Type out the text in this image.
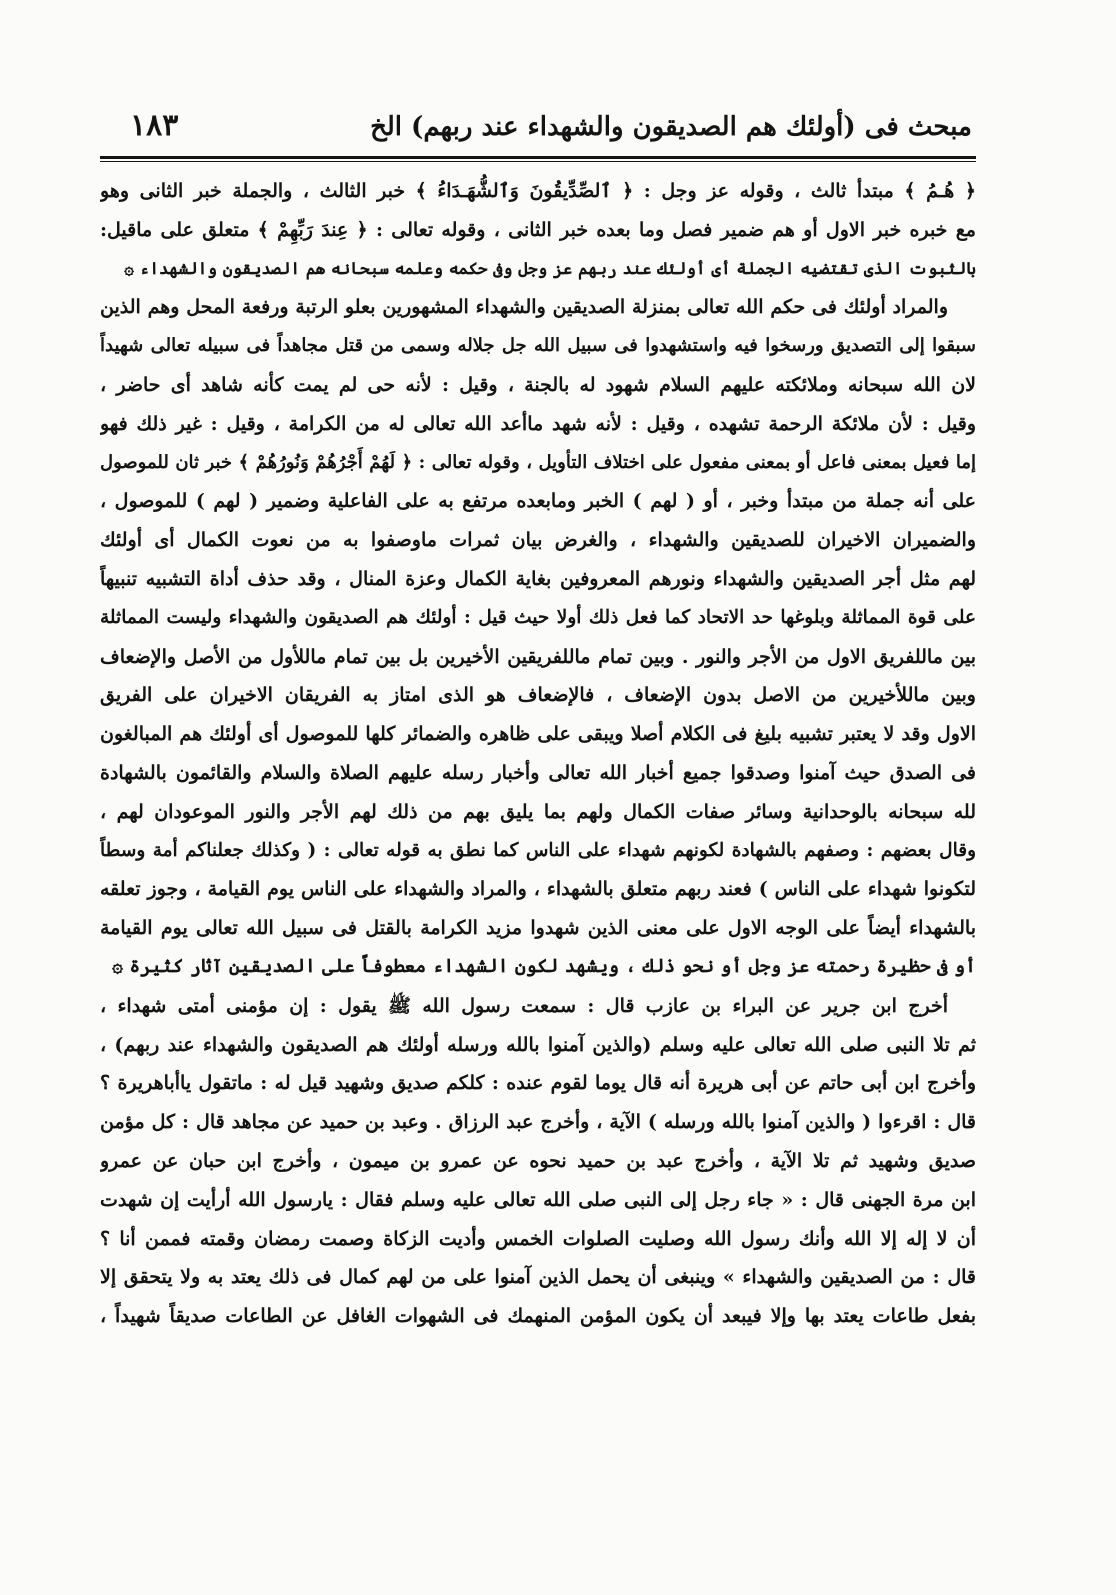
مبحث فى (أولئك هم الصديقون والشهداء عند ربهم) الخ
١٨٣
﴿ هُـمُ ﴾ مبتدأ ثالث ، وقوله عز وجل : ﴿ ٱلصِّدِّيقُونَ وَٱلشُّهَـدَاءُ ﴾ خبر الثالث ، والجملة خبر الثانى وهو
مع خبره خبر الاول أو هم ضمير فصل وما بعده خبر الثانى ، وقوله تعالى : ﴿ عِندَ رَبِّهِمْ ﴾ متعلق على ماقيل:
بالثبوت الذى تقتضيه الجملة أى أولئك عند ربهم عز وجل وفى حكمه وعلمه سبحانه هم الصديقون والشهداء ۞
والمراد أولئك فى حكم الله تعالى بمنزلة الصديقين والشهداء المشهورين بعلو الرتبة ورفعة المحل وهم الذين
سبقوا إلى التصديق ورسخوا فيه واستشهدوا فى سبيل الله جل جلاله وسمى من قتل مجاهداً فى سبيله تعالى شهيداً
لان الله سبحانه وملائكته عليهم السلام شهود له بالجنة ، وقيل : لأنه حى لم يمت كأنه شاهد أى حاضر ،
وقيل : لأن ملائكة الرحمة تشهده ، وقيل : لأنه شهد ماأعد الله تعالى له من الكرامة ، وقيل : غير ذلك فهو
إما فعيل بمعنى فاعل أو بمعنى مفعول على اختلاف التأويل ، وقوله تعالى : ﴿ لَهُمْ أَجْرُهُمْ وَنُورُهُمْ ﴾ خبر ثان للموصول
على أنه جملة من مبتدأ وخبر ، أو ( لهم ) الخبر ومابعده مرتفع به على الفاعلية وضمير ( لهم ) للموصول ،
والضميران الاخيران للصديقين والشهداء ، والغرض بيان ثمرات ماوصفوا به من نعوت الكمال أى أولئك
لهم مثل أجر الصديقين والشهداء ونورهم المعروفين بغاية الكمال وعزة المنال ، وقد حذف أداة التشبيه تنبيهاً
على قوة المماثلة وبلوغها حد الاتحاد كما فعل ذلك أولا حيث قيل : أولئك هم الصديقون والشهداء وليست المماثلة
بين ماللفريق الاول من الأجر والنور . وبين تمام ماللفريقين الأخيرين بل بين تمام ماللأول من الأصل والإضعاف
وبين ماللأخيرين من الاصل بدون الإضعاف ، فالإضعاف هو الذى امتاز به الفريقان الاخيران على الفريق
الاول وقد لا يعتبر تشبيه بليغ فى الكلام أصلا ويبقى على ظاهره والضمائر كلها للموصول أى أولئك هم المبالغون
فى الصدق حيث آمنوا وصدقوا جميع أخبار الله تعالى وأخبار رسله عليهم الصلاة والسلام والقائمون بالشهادة
لله سبحانه بالوحدانية وسائر صفات الكمال ولهم بما يليق بهم من ذلك لهم الأجر والنور الموعودان لهم ،
وقال بعضهم : وصفهم بالشهادة لكونهم شهداء على الناس كما نطق به قوله تعالى : ( وكذلك جعلناكم أمة وسطاً
لتكونوا شهداء على الناس ) فعند ربهم متعلق بالشهداء ، والمراد والشهداء على الناس يوم القيامة ، وجوز تعلقه
بالشهداء أيضاً على الوجه الاول على معنى الذين شهدوا مزيد الكرامة بالقتل فى سبيل الله تعالى يوم القيامة
أو فى حظيرة رحمته عز وجل أو نحو ذلك ، ويشهد لكون الشهداء معطوفاً على الصديقين آثار كثيرة ۞
أخرج ابن جرير عن البراء بن عازب قال : سمعت رسول الله ﷺ يقول : إن مؤمنى أمتى شهداء ،
ثم تلا النبى صلى الله تعالى عليه وسلم (والذين آمنوا بالله ورسله أولئك هم الصديقون والشهداء عند ربهم) ،
وأخرج ابن أبى حاتم عن أبى هريرة أنه قال يوما لقوم عنده : كلكم صديق وشهيد قيل له : ماتقول ياأباهريرة ؟
قال : اقرءوا ( والذين آمنوا بالله ورسله ) الآية ، وأخرج عبد الرزاق . وعبد بن حميد عن مجاهد قال : كل مؤمن
صديق وشهيد ثم تلا الآية ، وأخرج عبد بن حميد نحوه عن عمرو بن ميمون ، وأخرج ابن حبان عن عمرو
ابن مرة الجهنى قال : « جاء رجل إلى النبى صلى الله تعالى عليه وسلم فقال : يارسول الله أرأيت إن شهدت
أن لا إله إلا الله وأنك رسول الله وصليت الصلوات الخمس وأديت الزكاة وصمت رمضان وقمته فممن أنا ؟
قال : من الصديقين والشهداء » وينبغى أن يحمل الذين آمنوا على من لهم كمال فى ذلك يعتد به ولا يتحقق إلا
بفعل طاعات يعتد بها وإلا فيبعد أن يكون المؤمن المنهمك فى الشهوات الغافل عن الطاعات صديقاً شهيداً ،
